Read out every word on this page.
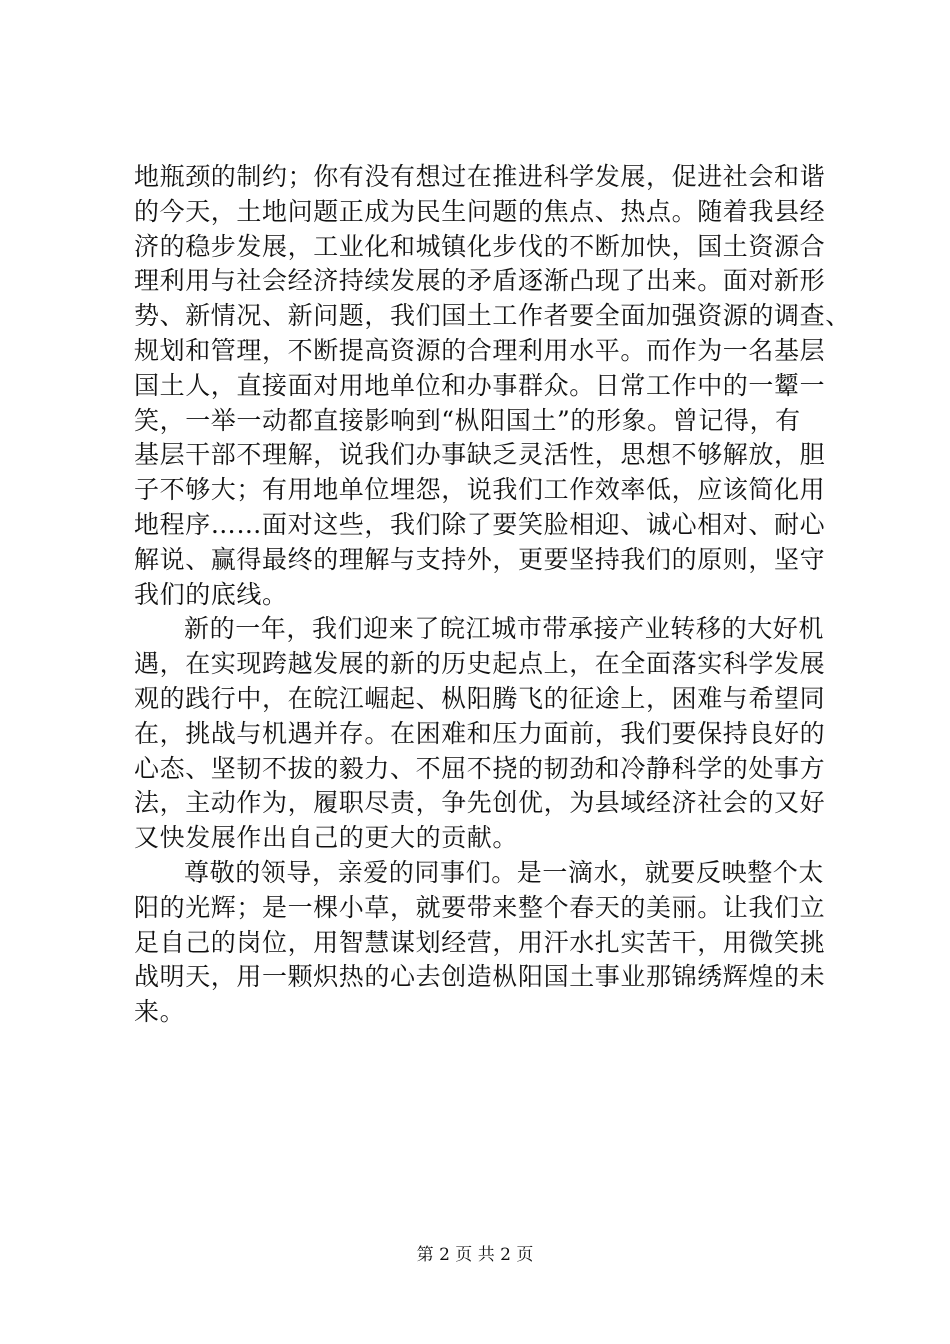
地瓶颈的制约；你有没有想过在推进科学发展，促进社会和谐
的今天，土地问题正成为民生问题的焦点、热点。随着我县经
济的稳步发展，工业化和城镇化步伐的不断加快，国土资源合
理利用与社会经济持续发展的矛盾逐渐凸现了出来。面对新形
势、新情况、新问题，我们国土工作者要全面加强资源的调查、
规划和管理，不断提高资源的合理利用水平。而作为一名基层
国土人，直接面对用地单位和办事群众。日常工作中的一颦一
笑，一举一动都直接影响到“枞阳国土”的形象。曾记得，有
基层干部不理解，说我们办事缺乏灵活性，思想不够解放，胆
子不够大；有用地单位埋怨，说我们工作效率低，应该简化用
地程序……面对这些，我们除了要笑脸相迎、诚心相对、耐心
解说、赢得最终的理解与支持外，更要坚持我们的原则，坚守
我们的底线。
新的一年，我们迎来了皖江城市带承接产业转移的大好机
遇，在实现跨越发展的新的历史起点上，在全面落实科学发展
观的践行中，在皖江崛起、枞阳腾飞的征途上，困难与希望同
在，挑战与机遇并存。在困难和压力面前，我们要保持良好的
心态、坚韧不拔的毅力、不屈不挠的韧劲和冷静科学的处事方
法，主动作为，履职尽责，争先创优，为县域经济社会的又好
又快发展作出自己的更大的贡献。
尊敬的领导，亲爱的同事们。是一滴水，就要反映整个太
阳的光辉；是一棵小草，就要带来整个春天的美丽。让我们立
足自己的岗位，用智慧谋划经营，用汗水扎实苦干，用微笑挑
战明天，用一颗炽热的心去创造枞阳国土事业那锦绣辉煌的未
来。
第 2 页 共 2 页
